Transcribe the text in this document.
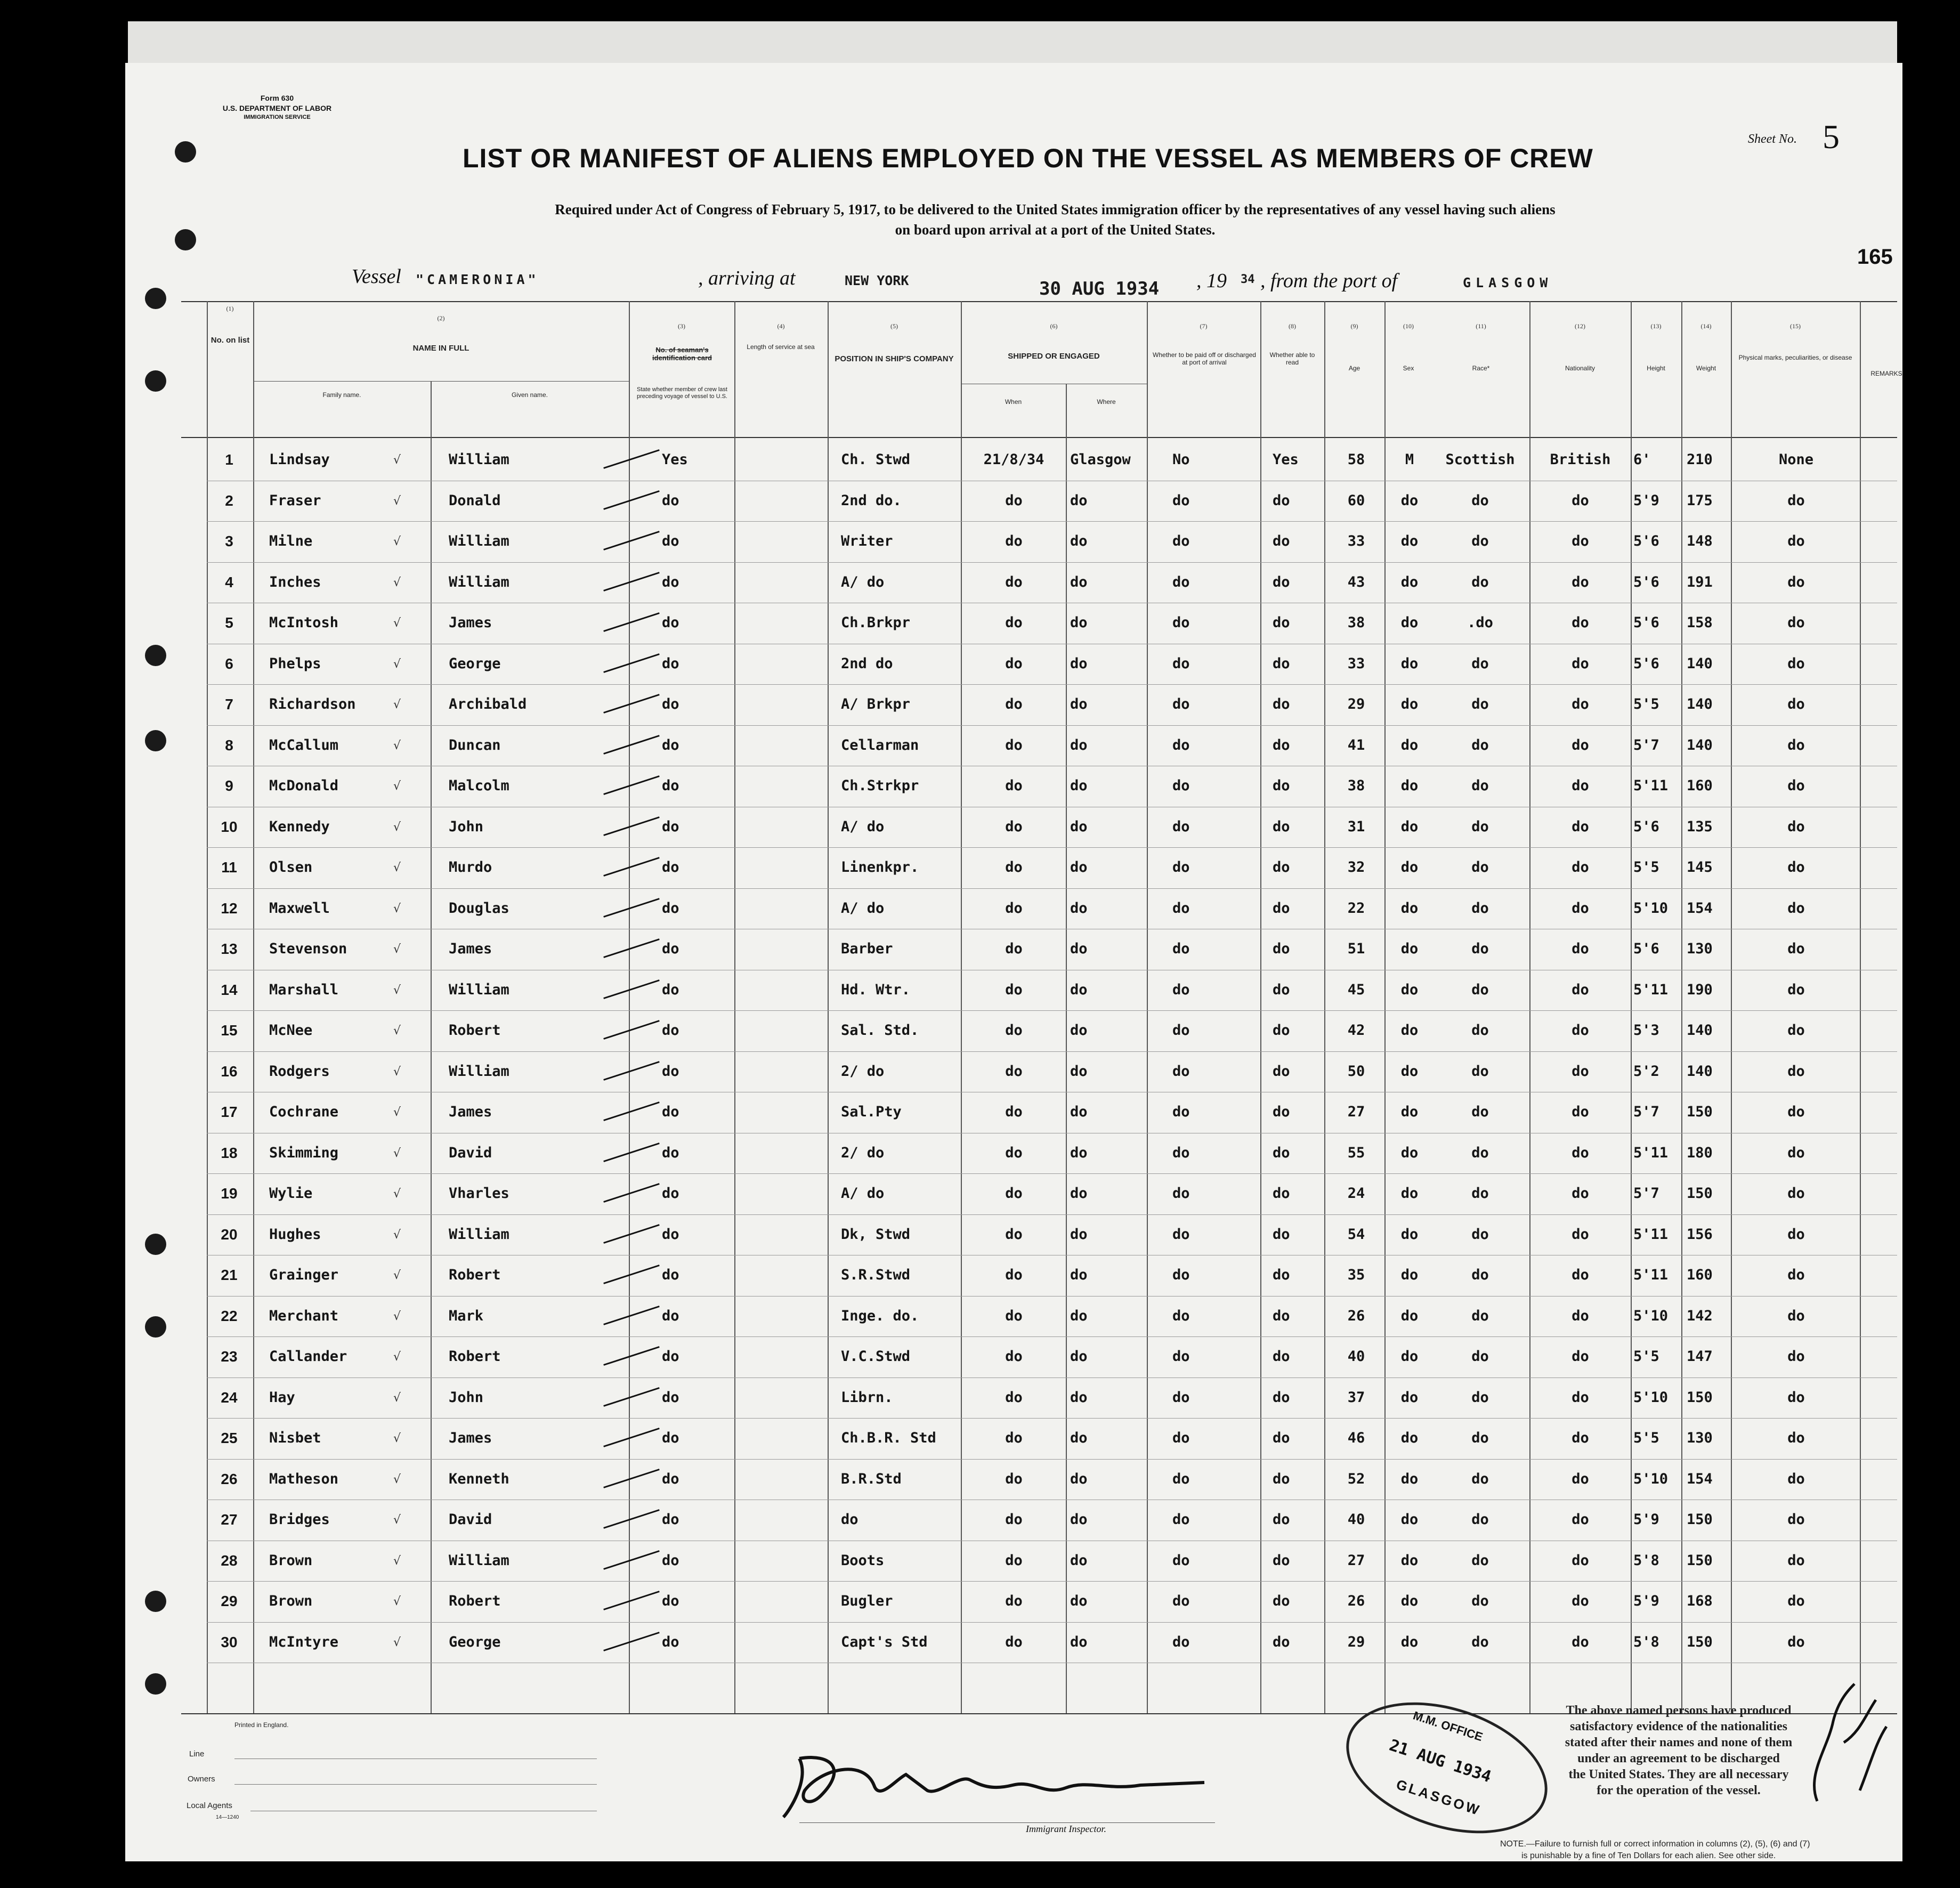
Form 630
U.S. DEPARTMENT OF LABOR
IMMIGRATION SERVICE
Sheet No. 5
165
LIST OR MANIFEST OF ALIENS EMPLOYED ON THE VESSEL AS MEMBERS OF CREW
Required under Act of Congress of February 5, 1917, to be delivered to the United States immigration officer by the representatives of any vessel having such aliens
on board upon arrival at a port of the United States.
Vessel "CAMERONIA"	, arriving at	NEW YORK	30 AUG 1934 , 19 34 , from the port of	GLASGOW
(1)
No. on list
(2)
NAME IN FULL
Family name.	Given name.
(3)
No. of seaman's identification card
State whether member of crew last preceding voyage of vessel to U.S.
(4)
Length of service at sea
(5)
POSITION IN SHIP'S COMPANY
(6)
SHIPPED OR ENGAGED
When	Where
(7)
Whether to be paid off or discharged at port of arrival
(8)
Whether able to read
(9)
Age
(10)
Sex
(11)
Race*
(12)
Nationality
(13)
Height
(14)
Weight
(15)
Physical marks, peculiarities, or disease
REMARKS
1	Lindsay	William	Yes	Ch. Stwd	21/8/34	Glasgow	No	Yes	58	M	Scottish	British	6'	210	None
√
2	Fraser	Donald	do	2nd do.	do	do	do	do	60	do	do	do	5'9	175	do
√
3	Milne	William	do	Writer	do	do	do	do	33	do	do	do	5'6	148	do
√
4	Inches	William	do	A/ do	do	do	do	do	43	do	do	do	5'6	191	do
√
5	McIntosh	James	do	Ch.Brkpr	do	do	do	do	38	do	.do	do	5'6	158	do
√
6	Phelps	George	do	2nd do	do	do	do	do	33	do	do	do	5'6	140	do
√
7	Richardson	Archibald	do	A/ Brkpr	do	do	do	do	29	do	do	do	5'5	140	do
√
8	McCallum	Duncan	do	Cellarman	do	do	do	do	41	do	do	do	5'7	140	do
√
9	McDonald	Malcolm	do	Ch.Strkpr	do	do	do	do	38	do	do	do	5'11	160	do
√
10	Kennedy	John	do	A/ do	do	do	do	do	31	do	do	do	5'6	135	do
√
11	Olsen	Murdo	do	Linenkpr.	do	do	do	do	32	do	do	do	5'5	145	do
√
12	Maxwell	Douglas	do	A/ do	do	do	do	do	22	do	do	do	5'10	154	do
√
13	Stevenson	James	do	Barber	do	do	do	do	51	do	do	do	5'6	130	do
√
14	Marshall	William	do	Hd. Wtr.	do	do	do	do	45	do	do	do	5'11	190	do
√
15	McNee	Robert	do	Sal. Std.	do	do	do	do	42	do	do	do	5'3	140	do
√
16	Rodgers	William	do	2/ do	do	do	do	do	50	do	do	do	5'2	140	do
√
17	Cochrane	James	do	Sal.Pty	do	do	do	do	27	do	do	do	5'7	150	do
√
18	Skimming	David	do	2/ do	do	do	do	do	55	do	do	do	5'11	180	do
√
19	Wylie	Vharles	do	A/ do	do	do	do	do	24	do	do	do	5'7	150	do
√
20	Hughes	William	do	Dk, Stwd	do	do	do	do	54	do	do	do	5'11	156	do
√
21	Grainger	Robert	do	S.R.Stwd	do	do	do	do	35	do	do	do	5'11	160	do
√
22	Merchant	Mark	do	Inge. do.	do	do	do	do	26	do	do	do	5'10	142	do
√
23	Callander	Robert	do	V.C.Stwd	do	do	do	do	40	do	do	do	5'5	147	do
√
24	Hay	John	do	Librn.	do	do	do	do	37	do	do	do	5'10	150	do
√
25	Nisbet	James	do	Ch.B.R. Std	do	do	do	do	46	do	do	do	5'5	130	do
√
26	Matheson	Kenneth	do	B.R.Std	do	do	do	do	52	do	do	do	5'10	154	do
√
27	Bridges	David	do	do	do	do	do	do	40	do	do	do	5'9	150	do
√
28	Brown	William	do	Boots	do	do	do	do	27	do	do	do	5'8	150	do
√
29	Brown	Robert	do	Bugler	do	do	do	do	26	do	do	do	5'9	168	do
√
30	McIntyre	George	do	Capt's Std	do	do	do	do	29	do	do	do	5'8	150	do
√
Printed in England.
Line
Owners
Local Agents
14—1240
Immigrant Inspector.
M.M. OFFICE
21 AUG 1934
GLASGOW
The above named persons have produced
satisfactory evidence of the nationalities
stated after their names and none of them
under an agreement to be discharged
the United States. They are all necessary
for the operation of the vessel.
NOTE.—Failure to furnish full or correct information in columns (2), (5), (6) and (7)
is punishable by a fine of Ten Dollars for each alien. See other side.
